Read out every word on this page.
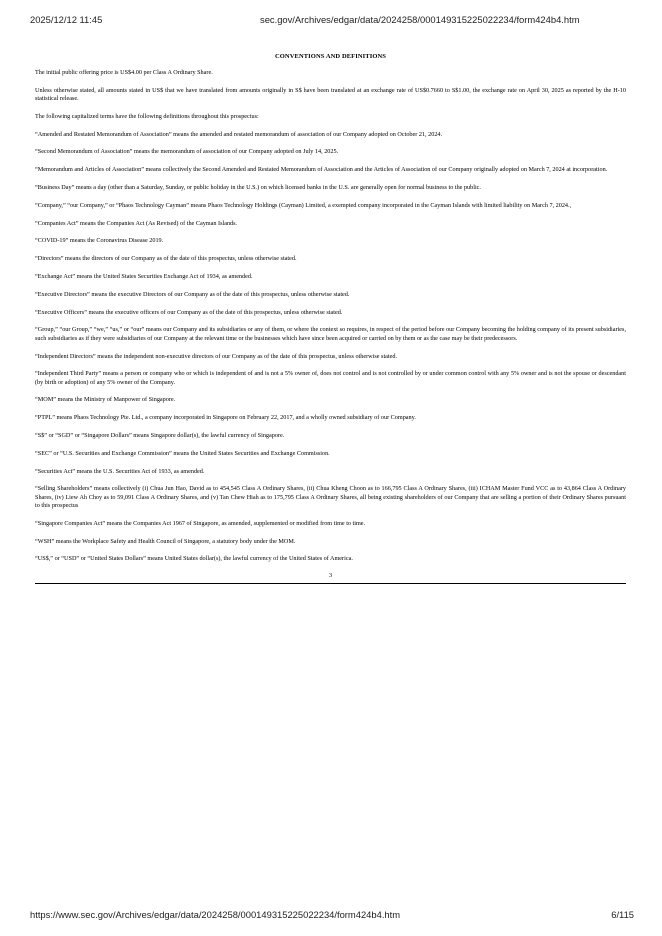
2025/12/12 11:45	sec.gov/Archives/edgar/data/2024258/000149315225022234/form424b4.htm
CONVENTIONS AND DEFINITIONS

The initial public offering price is US$4.00 per Class A Ordinary Share.

Unless otherwise stated, all amounts stated in US$ that we have translated from amounts originally in S$ have been translated at an exchange rate of US$0.7660 to S$1.00, the exchange rate on April 30, 2025 as reported by the H-10 statistical release.

The following capitalized terms have the following definitions throughout this prospectus:

“Amended and Restated Memorandum of Association” means the amended and restated memorandum of association of our Company adopted on October 21, 2024.

“Second Memorandum of Association” means the memorandum of association of our Company adopted on July 14, 2025.

“Memorandum and Articles of Association” means collectively the Second Amended and Restated Memorandum of Association and the Articles of Association of our Company originally adopted on March 7, 2024 at incorporation.

“Business Day” means a day (other than a Saturday, Sunday, or public holiday in the U.S.) on which licensed banks in the U.S. are generally open for normal business to the public.

“Company,” “our Company,” or “Phaos Technology Cayman” means Phaos Technology Holdings (Cayman) Limited, a exempted company incorporated in the Cayman Islands with limited liability on March 7, 2024.,

“Companies Act” means the Companies Act (As Revised) of the Cayman Islands.

“COVID-19” means the Coronavirus Disease 2019.

“Directors” means the directors of our Company as of the date of this prospectus, unless otherwise stated.

“Exchange Act” means the United States Securities Exchange Act of 1934, as amended.

“Executive Directors” means the executive Directors of our Company as of the date of this prospectus, unless otherwise stated.

“Executive Officers” means the executive officers of our Company as of the date of this prospectus, unless otherwise stated.

“Group,” “our Group,” “we,” “us,” or “our” means our Company and its subsidiaries or any of them, or where the context so requires, in respect of the period before our Company becoming the holding company of its present subsidiaries, such subsidiaries as if they were subsidiaries of our Company at the relevant time or the businesses which have since been acquired or carried on by them or as the case may be their predecessors.

“Independent Directors” means the independent non-executive directors of our Company as of the date of this prospectus, unless otherwise stated.

“Independent Third Party” means a person or company who or which is independent of and is not a 5% owner of, does not control and is not controlled by or under common control with any 5% owner and is not the spouse or descendant (by birth or adoption) of any 5% owner of the Company.

“MOM” means the Ministry of Manpower of Singapore.

“PTPL” means Phaos Technology Pte. Ltd., a company incorporated in Singapore on February 22, 2017, and a wholly owned subsidiary of our Company.

“S$” or “SGD” or “Singapore Dollars” means Singapore dollar(s), the lawful currency of Singapore.

“SEC” or “U.S. Securities and Exchange Commission” means the United States Securities and Exchange Commission.

“Securities Act” means the U.S. Securities Act of 1933, as amended.

“Selling Shareholders” means collectively (i) Chua Jun Hao, David as to 454,545 Class A Ordinary Shares, (ii) Chua Kheng Choon as to 166,795 Class A Ordinary Shares, (iii) ICHAM Master Fund VCC as to 43,864 Class A Ordinary Shares, (iv) Liew Ah Choy as to 59,091 Class A Ordinary Shares, and (v) Tan Chew Hiah as to 175,795 Class A Ordinary Shares, all being existing shareholders of our Company that are selling a portion of their Ordinary Shares pursuant to this prospectus

“Singapore Companies Act” means the Companies Act 1967 of Singapore, as amended, supplemented or modified from time to time.

“WSH” means the Workplace Safety and Health Council of Singapore, a statutory body under the MOM.

“US$,” or “USD” or “United States Dollars” means United States dollar(s), the lawful currency of the United States of America.

3
https://www.sec.gov/Archives/edgar/data/2024258/000149315225022234/form424b4.htm	6/115
